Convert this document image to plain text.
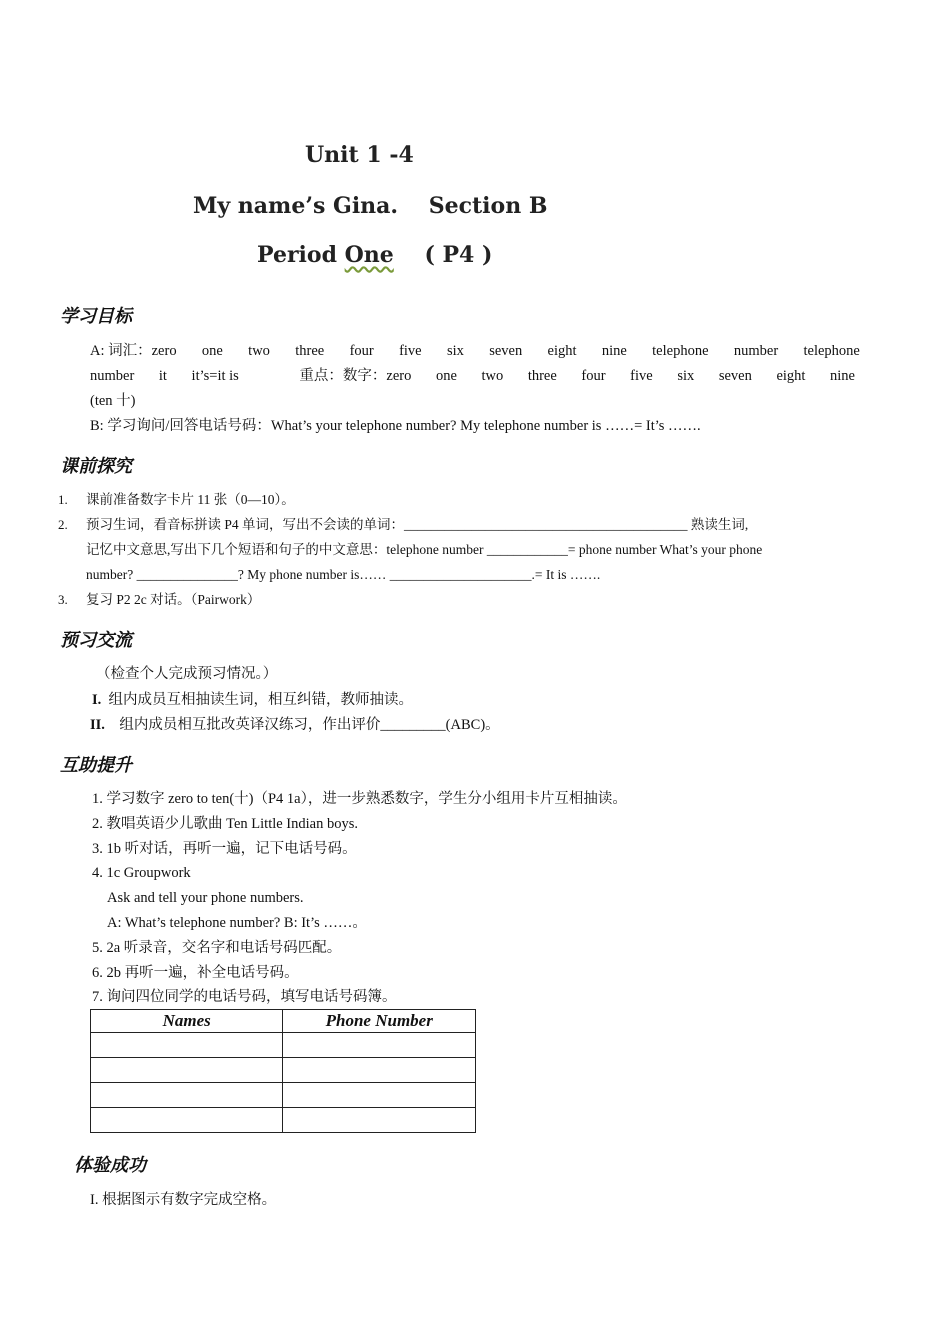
Unit 1 -4
My name’s Gina. Section B
Period One ( P4 )
学习目标
A: 词汇：zero one two three four five six seven eight nine telephone number telephone
number it it’s=it is	重点：数字：zero one two three four five six seven eight nine
(ten 十)
B: 学习询问/回答电话号码：What’s your telephone number? My telephone number is ……= It’s …….
课前探究
1. 课前准备数字卡片 11 张（0—10）。
2. 预习生词，看音标拼读 P4 单词，写出不会读的单词：__________________________________________ 熟读生词,
记忆中文意思,写出下几个短语和句子的中文意思：telephone number ____________= phone number What’s your phone
number? _______________? My phone number is…… _____________________.= It is …….
3. 复习 P2 2c 对话。（Pairwork）
预习交流
（检查个人完成预习情况。）
I. 组内成员互相抽读生词，相互纠错，教师抽读。
II. 组内成员相互批改英译汉练习，作出评价_________(ABC)。
互助提升
1. 学习数字 zero to ten(十)（P4 1a），进一步熟悉数字，学生分小组用卡片互相抽读。
2. 教唱英语少儿歌曲 Ten Little Indian boys.
3. 1b 听对话，再听一遍，记下电话号码。
4. 1c Groupwork
Ask and tell your phone numbers.
A: What’s telephone number? B: It’s ……。
5. 2a 听录音，交名字和电话号码匹配。
6. 2b 再听一遍，补全电话号码。
7. 询问四位同学的电话号码，填写电话号码簿。
Names	Phone Number

体验成功
I. 根据图示有数字完成空格。
